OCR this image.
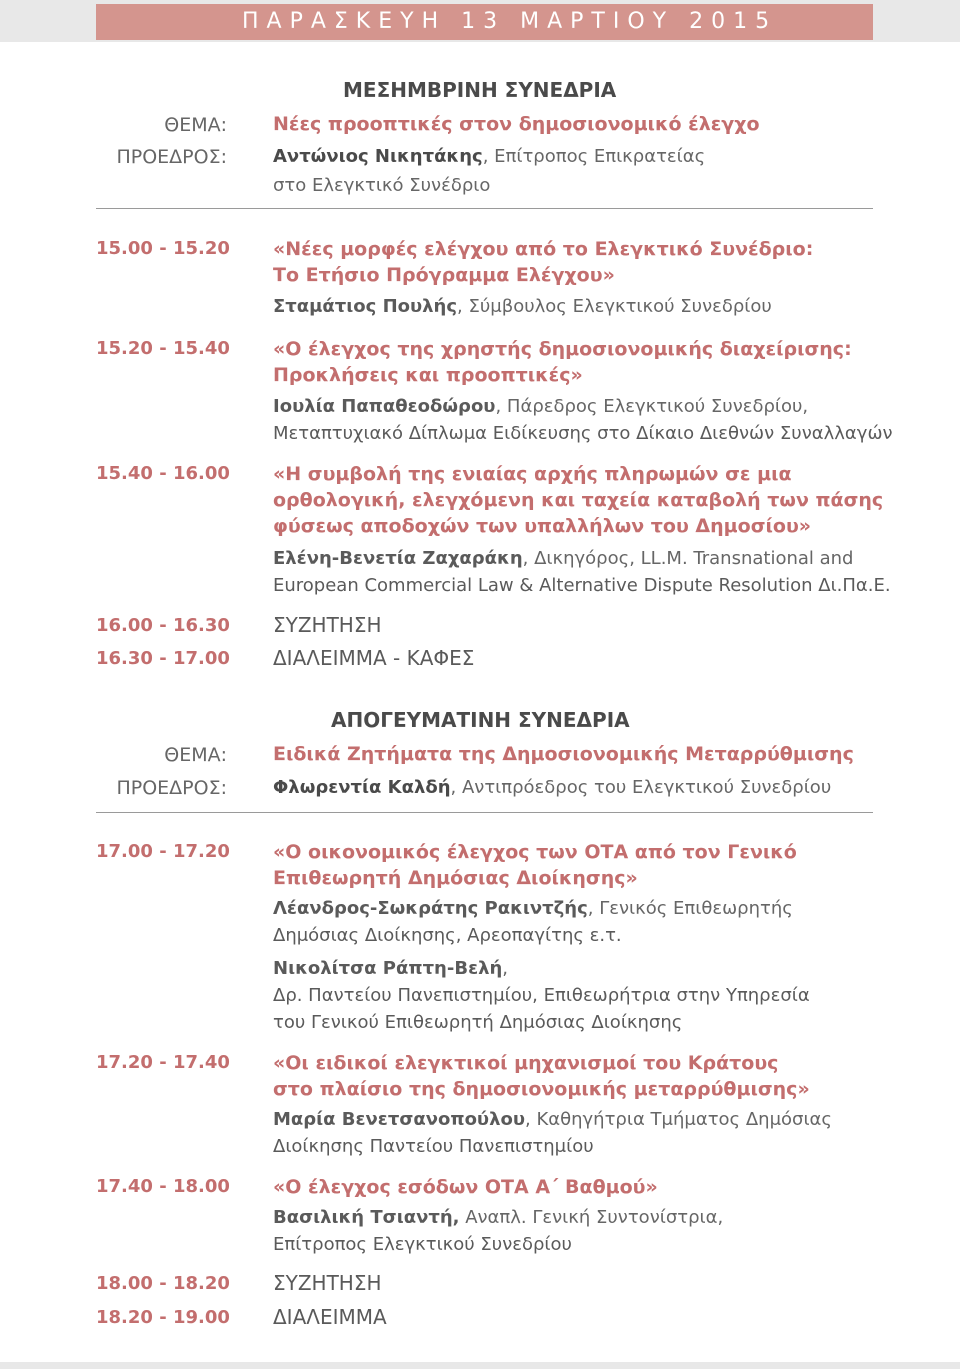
ΠΑΡΑΣΚΕΥΗ 13 ΜΑΡΤΙΟΥ 2015
ΜΕΣΗΜΒΡΙΝΗ ΣΥΝΕΔΡΙΑ
ΘΕΜΑ: Νέες προοπτικές στον δημοσιονομικό έλεγχο
ΠΡΟΕΔΡΟΣ:	Αντώνιος Νικητάκης, Επίτροπος Επικρατείας
στο Ελεγκτικό Συνέδριο
15.00 - 15.20 «Νέες μορφές ελέγχου από το Ελεγκτικό Συνέδριο:
Το Ετήσιο Πρόγραμμα Ελέγχου»
Σταμάτιος Πουλής, Σύμβουλος Ελεγκτικού Συνεδρίου
15.20 - 15.40 «Ο έλεγχος της χρηστής δημοσιονομικής διαχείρισης:
Προκλήσεις και προοπτικές»
Ιουλία Παπαθεοδώρου, Πάρεδρος Ελεγκτικού Συνεδρίου,
Μεταπτυχιακό Δίπλωμα Ειδίκευσης στο Δίκαιο Διεθνών Συναλλαγών
15.40 - 16.00 «Η συμβολή της ενιαίας αρχής πληρωμών σε μια
ορθολογική, ελεγχόμενη και ταχεία καταβολή των πάσης
φύσεως αποδοχών των υπαλλήλων του Δημοσίου»
Ελένη-Βενετία Ζαχαράκη, Δικηγόρος, LL.M. Transnational and
European Commercial Law & Alternative Dispute Resolution Δι.Πα.Ε.
16.00 - 16.30 ΣΥΖΗΤΗΣΗ
16.30 - 17.00 ΔΙΑΛΕΙΜΜΑ - ΚΑΦΕΣ
ΑΠΟΓΕΥΜΑΤΙΝΗ ΣΥΝΕΔΡΙΑ
ΘΕΜΑ: Ειδικά Ζητήματα της Δημοσιονομικής Μεταρρύθμισης
ΠΡΟΕΔΡΟΣ:	Φλωρεντία Καλδή, Αντιπρόεδρος του Ελεγκτικού Συνεδρίου
17.00 - 17.20 «Ο οικονομικός έλεγχος των ΟΤΑ από τον Γενικό
Επιθεωρητή Δημόσιας Διοίκησης»
Λέανδρος-Σωκράτης Ρακιντζής, Γενικός Επιθεωρητής
Δημόσιας Διοίκησης, Αρεοπαγίτης ε.τ.
Νικολίτσα Ράπτη-Βελή,
Δρ. Παντείου Πανεπιστημίου, Επιθεωρήτρια στην Υπηρεσία
του Γενικού Επιθεωρητή Δημόσιας Διοίκησης
17.20 - 17.40 «Οι ειδικοί ελεγκτικοί μηχανισμοί του Κράτους
στο πλαίσιο της δημοσιονομικής μεταρρύθμισης»
Μαρία Βενετσανοπούλου, Καθηγήτρια Τμήματος Δημόσιας
Διοίκησης Παντείου Πανεπιστημίου
17.40 - 18.00 «Ο έλεγχος εσόδων ΟΤΑ Α΄ Βαθμού»
Βασιλική Τσιαντή, Αναπλ. Γενική Συντονίστρια,
Επίτροπος Ελεγκτικού Συνεδρίου
18.00 - 18.20 ΣΥΖΗΤΗΣΗ
18.20 - 19.00 ΔΙΑΛΕΙΜΜΑ
